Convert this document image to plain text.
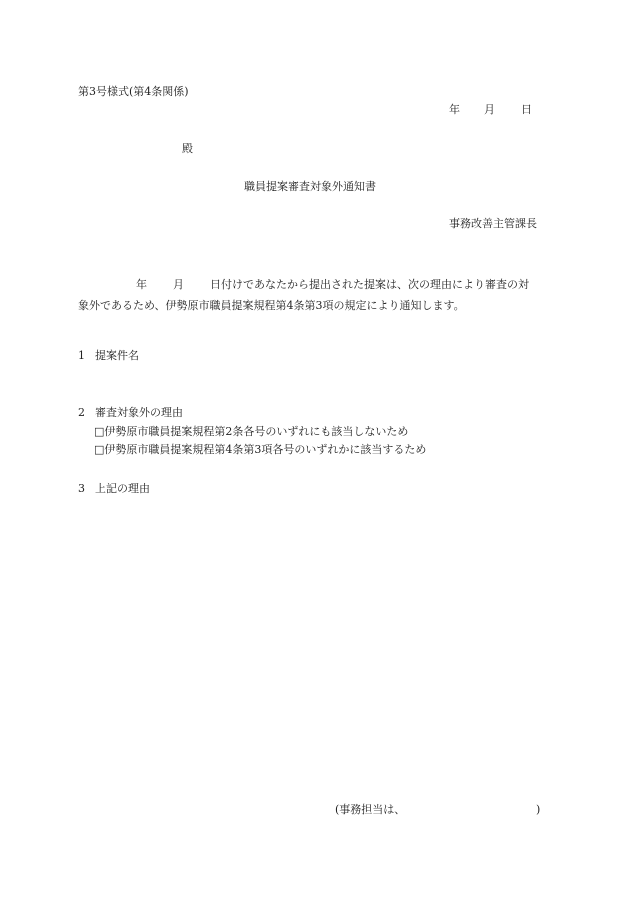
第3号様式(第4条関係)
年 月 日
殿
職員提案審査対象外通知書
事務改善主管課長

年 月 日付けであなたから提出された提案は、次の理由により審査の対

象外であるため、伊勢原市職員提案規程第4条第3項の規定により通知します。

1 提案件名
2 審査対象外の理由
□伊勢原市職員提案規程第2条各号のいずれにも該当しないため
□伊勢原市職員提案規程第4条第3項各号のいずれかに該当するため
3 上記の理由
(事務担当は、	)
